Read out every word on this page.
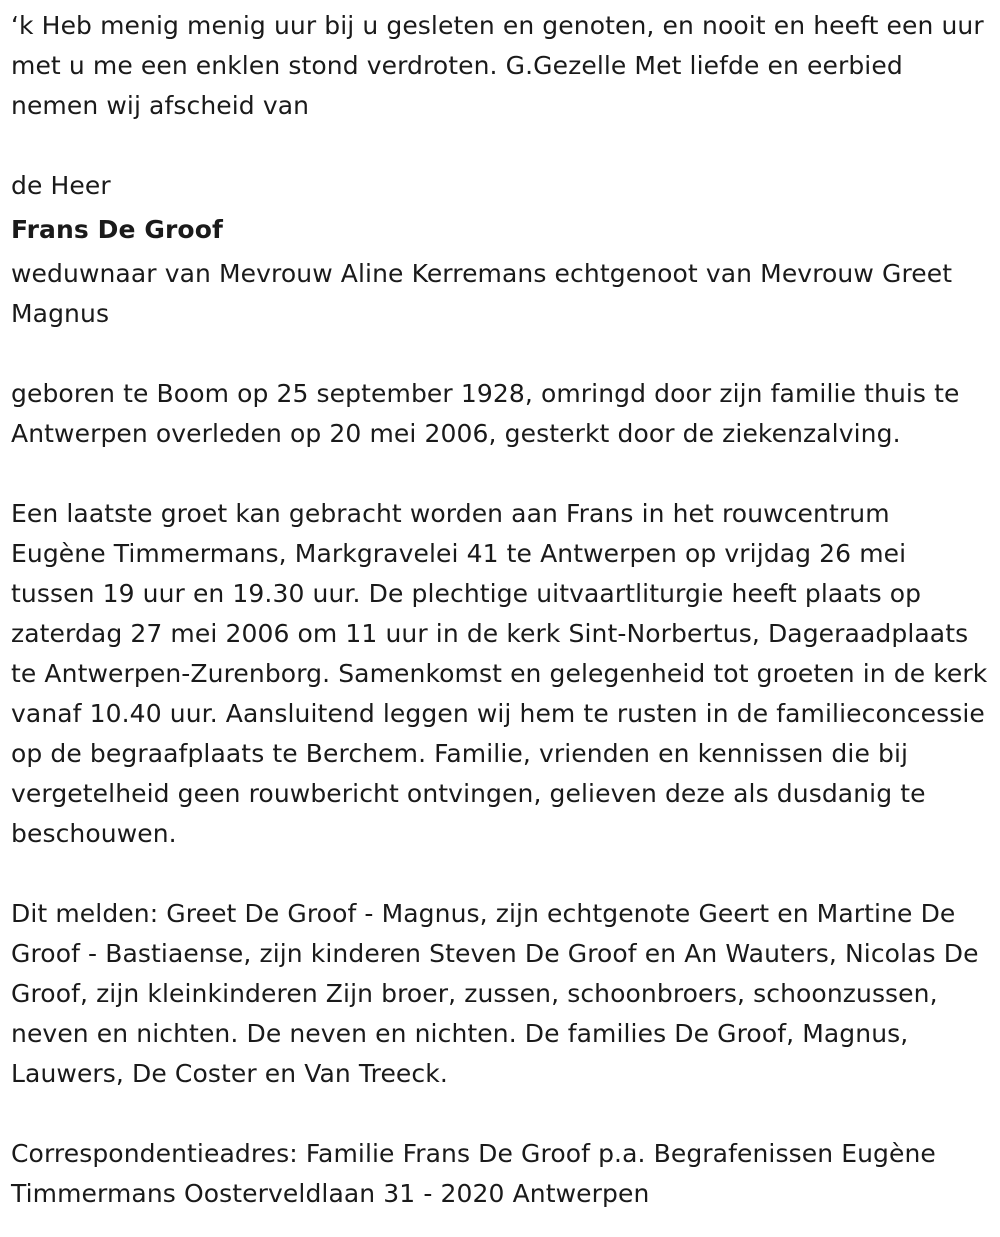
‘k Heb menig menig uur bij u gesleten en genoten, en nooit en heeft een uur met u me een enklen stond verdroten. G.Gezelle Met liefde en eerbied nemen wij afscheid van

de Heer

Frans De Groof

weduwnaar van Mevrouw Aline Kerremans echtgenoot van Mevrouw Greet Magnus

geboren te Boom op 25 september 1928, omringd door zijn familie thuis te Antwerpen overleden op 20 mei 2006, gesterkt door de ziekenzalving.

Een laatste groet kan gebracht worden aan Frans in het rouwcentrum Eugène Timmermans, Markgravelei 41 te Antwerpen op vrijdag 26 mei tussen 19 uur en 19.30 uur. De plechtige uitvaartliturgie heeft plaats op zaterdag 27 mei 2006 om 11 uur in de kerk Sint-Norbertus, Dageraadplaats te Antwerpen-Zurenborg. Samenkomst en gelegenheid tot groeten in de kerk vanaf 10.40 uur. Aansluitend leggen wij hem te rusten in de familieconcessie op de begraafplaats te Berchem. Familie, vrienden en kennissen die bij vergetelheid geen rouwbericht ontvingen, gelieven deze als dusdanig te beschouwen.

Dit melden: Greet De Groof - Magnus, zijn echtgenote Geert en Martine De Groof - Bastiaense, zijn kinderen Steven De Groof en An Wauters, Nicolas De Groof, zijn kleinkinderen Zijn broer, zussen, schoonbroers, schoonzussen, neven en nichten. De neven en nichten. De families De Groof, Magnus, Lauwers, De Coster en Van Treeck.

Correspondentieadres: Familie Frans De Groof p.a. Begrafenissen Eugène Timmermans Oosterveldlaan 31 - 2020 Antwerpen
